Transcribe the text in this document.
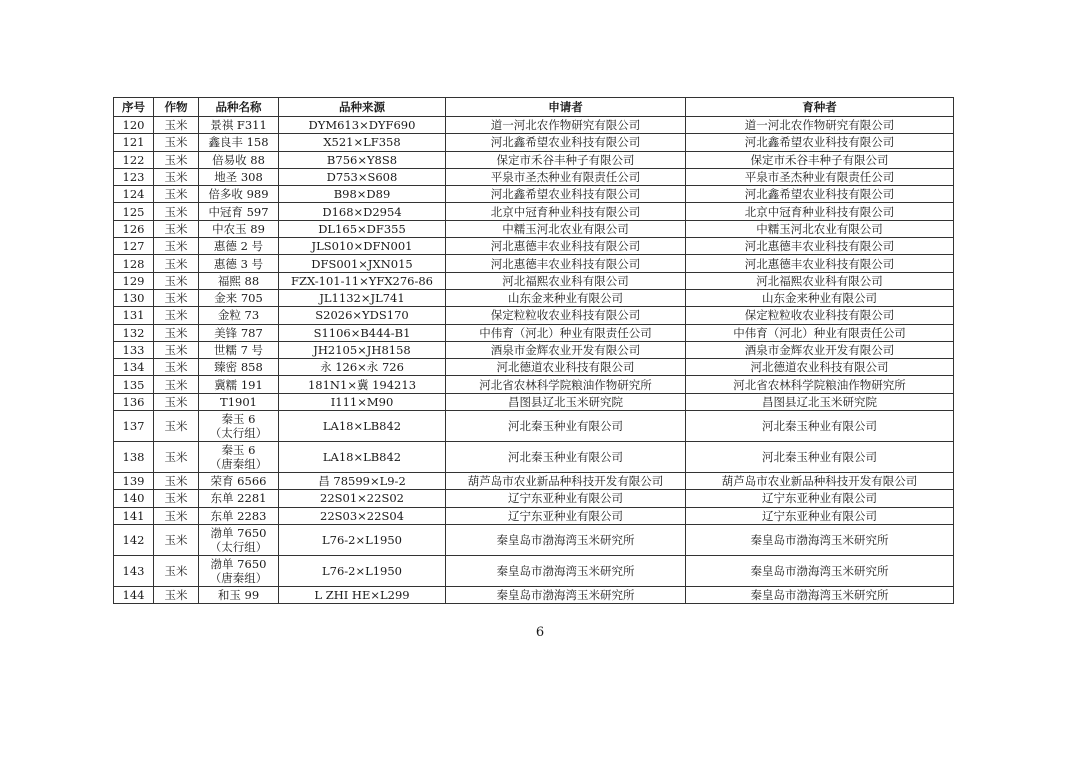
序号	作物	品种名称	品种来源	申请者	育种者
120	玉米	景祺 F311	DYM613×DYF690	道一河北农作物研究有限公司	道一河北农作物研究有限公司
121	玉米	鑫良丰 158	X521×LF358	河北鑫希望农业科技有限公司	河北鑫希望农业科技有限公司
122	玉米	倍易收 88	B756×Y8S8	保定市禾谷丰种子有限公司	保定市禾谷丰种子有限公司
123	玉米	地圣 308	D753×S608	平泉市圣杰种业有限责任公司	平泉市圣杰种业有限责任公司
124	玉米	倍多收 989	B98×D89	河北鑫希望农业科技有限公司	河北鑫希望农业科技有限公司
125	玉米	中冠育 597	D168×D2954	北京中冠育种业科技有限公司	北京中冠育种业科技有限公司
126	玉米	中农玉 89	DL165×DF355	中糯玉河北农业有限公司	中糯玉河北农业有限公司
127	玉米	惠德 2 号	JLS010×DFN001	河北惠德丰农业科技有限公司	河北惠德丰农业科技有限公司
128	玉米	惠德 3 号	DFS001×JXN015	河北惠德丰农业科技有限公司	河北惠德丰农业科技有限公司
129	玉米	福熙 88	FZX-101-11×YFX276-86	河北福熙农业科有限公司	河北福熙农业科有限公司
130	玉米	金来 705	JL1132×JL741	山东金来种业有限公司	山东金来种业有限公司
131	玉米	金粒 73	S2026×YDS170	保定粒粒收农业科技有限公司	保定粒粒收农业科技有限公司
132	玉米	美锋 787	S1106×B444-B1	中伟育（河北）种业有限责任公司	中伟育（河北）种业有限责任公司
133	玉米	世糯 7 号	JH2105×JH8158	酒泉市金辉农业开发有限公司	酒泉市金辉农业开发有限公司
134	玉米	臻密 858	永 126×永 726	河北德道农业科技有限公司	河北德道农业科技有限公司
135	玉米	冀糯 191	181N1×冀 194213	河北省农林科学院粮油作物研究所	河北省农林科学院粮油作物研究所
136	玉米	T1901	I111×M90	昌图县辽北玉米研究院	昌图县辽北玉米研究院
137	玉米	秦玉 6
（太行组）	LA18×LB842	河北秦玉种业有限公司	河北秦玉种业有限公司
138	玉米	秦玉 6
（唐秦组）	LA18×LB842	河北秦玉种业有限公司	河北秦玉种业有限公司
139	玉米	荣育 6566	昌 78599×L9-2	葫芦岛市农业新品种科技开发有限公司	葫芦岛市农业新品种科技开发有限公司
140	玉米	东单 2281	22S01×22S02	辽宁东亚种业有限公司	辽宁东亚种业有限公司
141	玉米	东单 2283	22S03×22S04	辽宁东亚种业有限公司	辽宁东亚种业有限公司
142	玉米	渤单 7650
（太行组）	L76-2×L1950	秦皇岛市渤海湾玉米研究所	秦皇岛市渤海湾玉米研究所
143	玉米	渤单 7650
（唐秦组）	L76-2×L1950	秦皇岛市渤海湾玉米研究所	秦皇岛市渤海湾玉米研究所
144	玉米	和玉 99	L ZHI HE×L299	秦皇岛市渤海湾玉米研究所	秦皇岛市渤海湾玉米研究所
6
